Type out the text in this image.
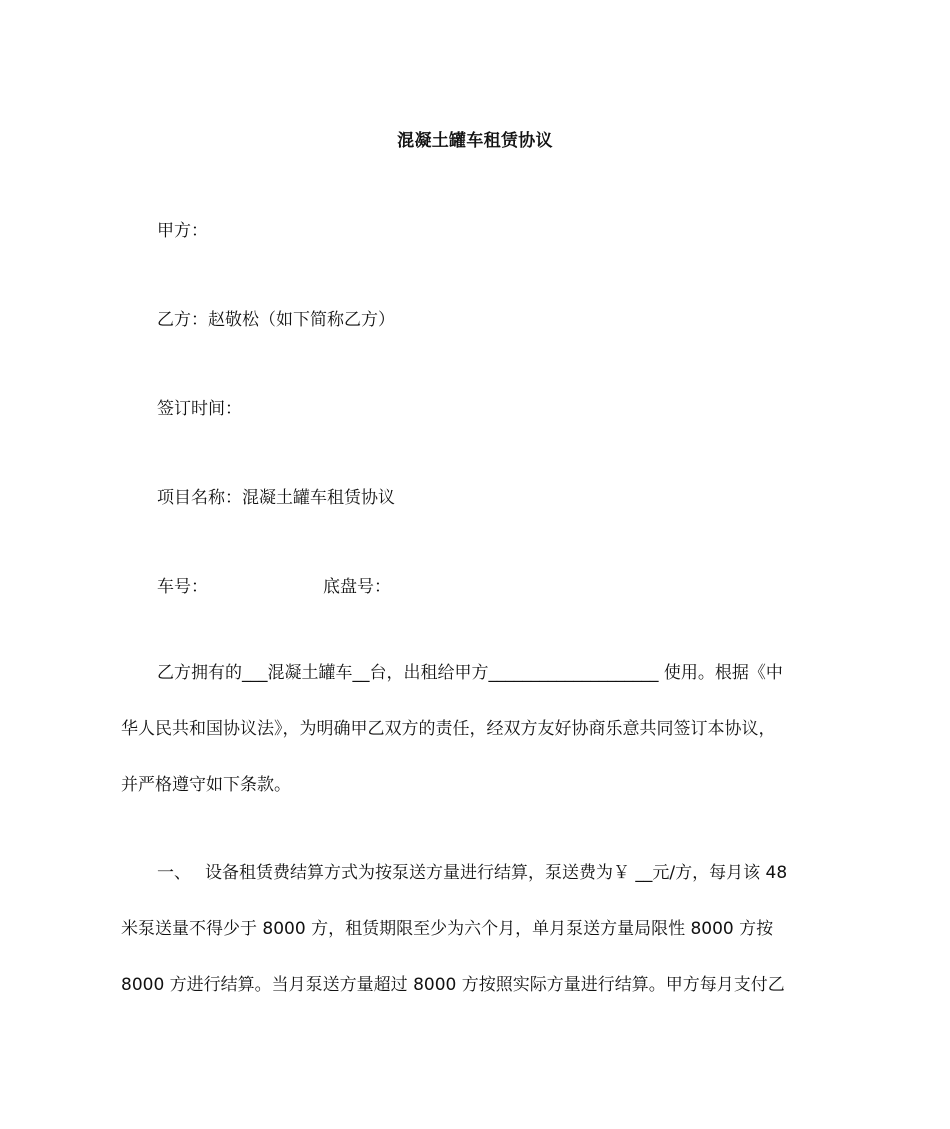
混凝土罐车租赁协议
甲方：
乙方：赵敬松（如下简称乙方）
签订时间：
项目名称：混凝土罐车租赁协议
车号：	底盘号：
乙方拥有的___混凝土罐车__台，出租给甲方____________________ 使用。根据《中
华人民共和国协议法》，为明确甲乙双方的责任，经双方友好协商乐意共同签订本协议，
并严格遵守如下条款。
一、 设备租赁费结算方式为按泵送方量进行结算，泵送费为￥ __元/方，每月该 48
米泵送量不得少于 8000 方，租赁期限至少为六个月，单月泵送方量局限性 8000 方按
8000 方进行结算。当月泵送方量超过 8000 方按照实际方量进行结算。甲方每月支付乙
